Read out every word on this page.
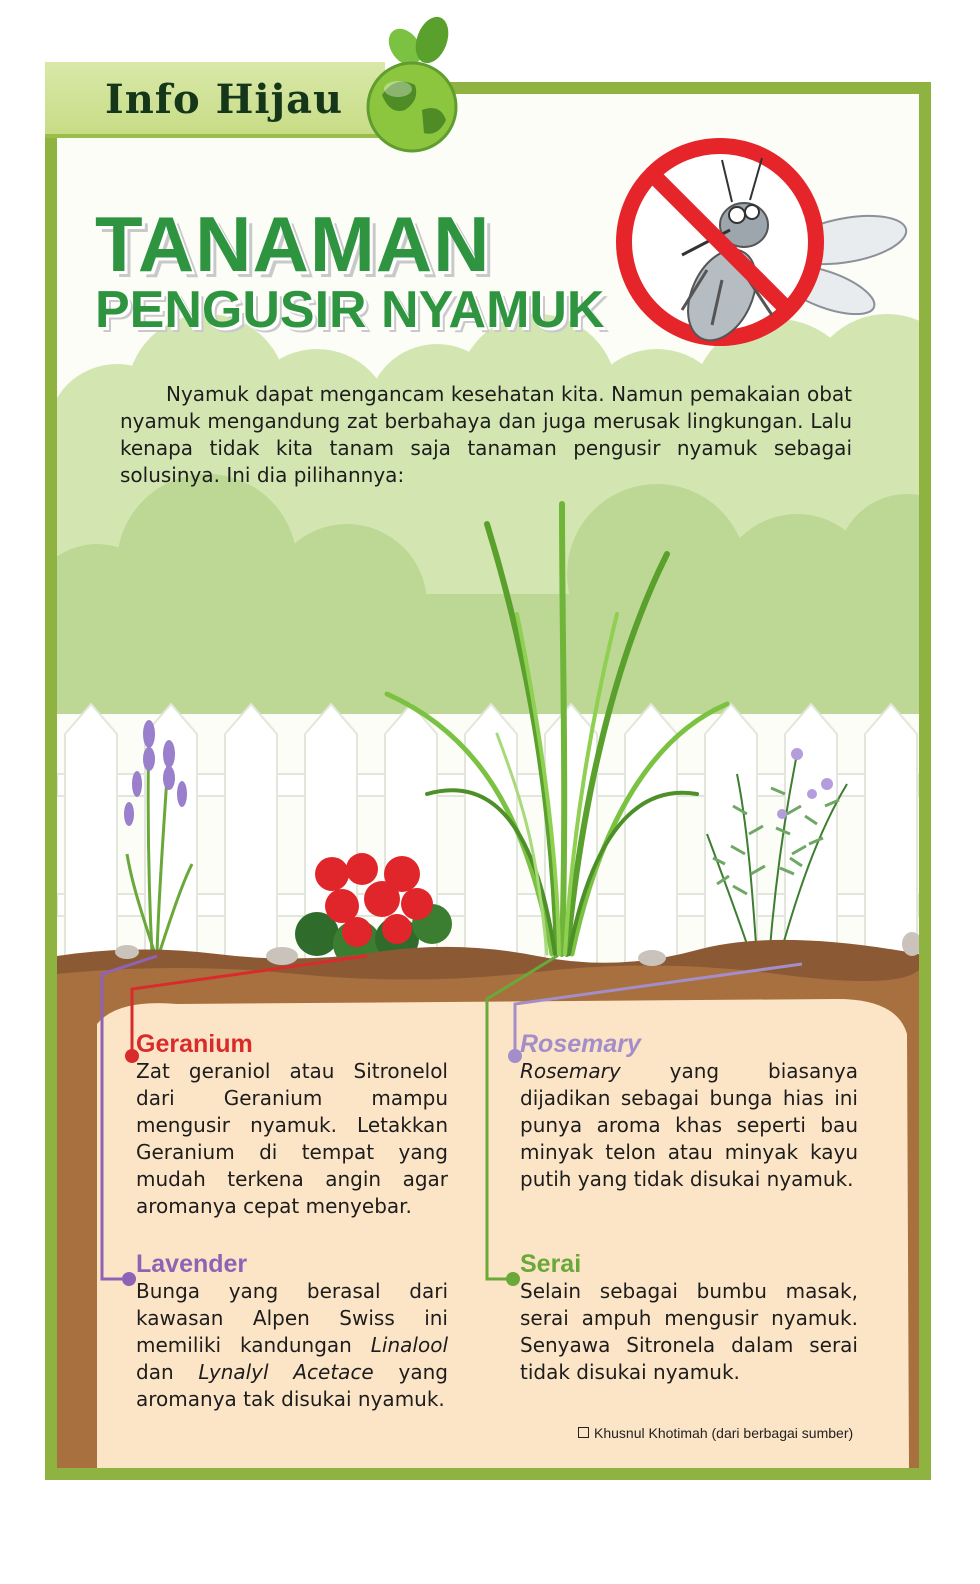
Info Hijau
TANAMAN
PENGUSIR NYAMUK

Nyamuk dapat mengancam kesehatan kita. Namun pemakaian obat nyamuk mengandung zat berbahaya dan juga merusak lingkungan. Lalu kenapa tidak kita tanam saja tanaman pengusir nyamuk sebagai solusinya. Ini dia pilihannya:

Geranium

Zat geraniol atau Sitronelol dari Geranium mampu mengusir nyamuk. Letakkan Geranium di tempat yang mudah terkena angin agar aromanya cepat menyebar.

Lavender

Bunga yang berasal dari kawasan Alpen Swiss ini memiliki kandungan Linalool dan Lynalyl Acetace yang aromanya tak disukai nyamuk.

Rosemary

Rosemary yang biasanya dijadikan sebagai bunga hias ini punya aroma khas seperti bau minyak telon atau minyak kayu putih yang tidak disukai nyamuk.

Serai

Selain sebagai bumbu masak, serai ampuh mengusir nyamuk. Senyawa Sitronela dalam serai tidak disukai nyamuk.

Khusnul Khotimah (dari berbagai sumber)
